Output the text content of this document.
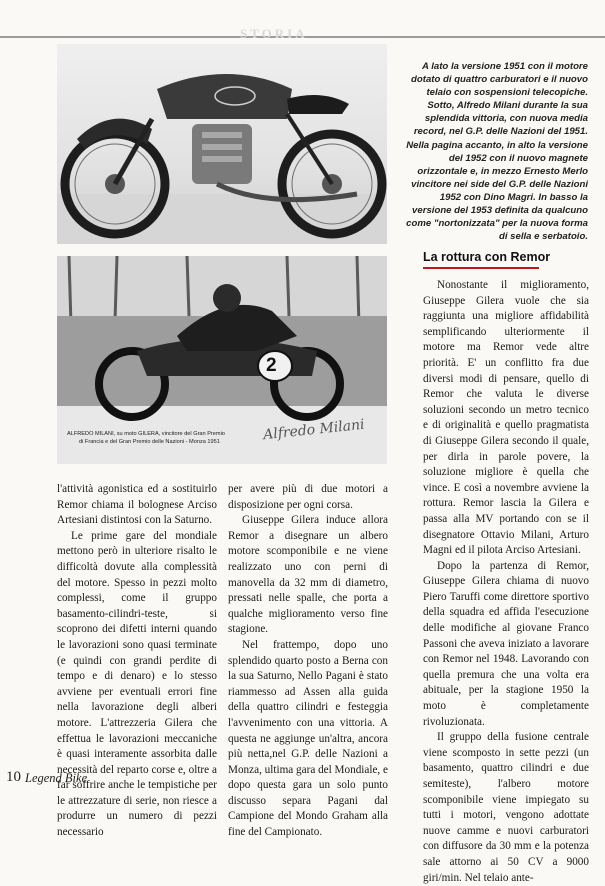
STORIA
2
ALFREDO MILANI, su moto GILERA, vincitore del Gran Premio
di Francia e del Gran Premio delle Nazioni - Monza 1951	Alfredo Milani
A lato la versione 1951 con il motore dotato di quattro carburatori e il nuovo telaio con sospensioni telecopiche. Sotto, Alfredo Milani durante la sua splendida vittoria, con nuova media record, nel G.P. delle Nazioni del 1951. Nella pagina accanto, in alto la versione del 1952 con il nuovo magnete orizzontale e, in mezzo Ernesto Merlo vincitore nei side del G.P. delle Nazioni 1952 con Dino Magri. In basso la versione del 1953 definita da qualcuno come "nortonizzata" per la nuova forma di sella e serbatoio.
La rottura con Remor

l'attività agonistica ed a sostituirlo Remor chiama il bolognese Arciso Artesiani distintosi con la Saturno.

Le prime gare del mondiale mettono però in ulteriore risalto le difficoltà dovute alla complessità del motore. Spesso in pezzi molto complessi, come il gruppo basamento-cilindri-teste, si scoprono dei difetti interni quando le lavorazioni sono quasi terminate (e quindi con grandi perdite di tempo e di denaro) e lo stesso avviene per eventuali errori fine nella lavorazione degli alberi motore. L'attrezzeria Gilera che effettua le lavorazioni meccaniche è quasi interamente assorbita dalle necessità del reparto corse e, oltre a far soffrire anche le tempistiche per le attrezzature di serie, non riesce a produrre un numero di pezzi necessario

per avere più di due motori a disposizione per ogni corsa.

Giuseppe Gilera induce allora Remor a disegnare un albero motore scomponibile e ne viene realizzato uno con perni di manovella da 32 mm di diametro, pressati nelle spalle, che porta a qualche miglioramento verso fine stagione.

Nel frattempo, dopo uno splendido quarto posto a Berna con la sua Saturno, Nello Pagani è stato riammesso ad Assen alla guida della quattro cilindri e festeggia l'avvenimento con una vittoria. A questa ne aggiunge un'altra, ancora più netta,nel G.P. delle Nazioni a Monza, ultima gara del Mondiale, e dopo questa gara un solo punto discusso separa Pagani dal Campione del Mondo Graham alla fine del Campionato.

Nonostante il miglioramento, Giuseppe Gilera vuole che sia raggiunta una migliore affidabilità semplificando ulteriormente il motore ma Remor vede altre priorità. E' un conflitto fra due diversi modi di pensare, quello di Remor che valuta le diverse soluzioni secondo un metro tecnico e di originalità e quello pragmatista di Giuseppe Gilera secondo il quale, per dirla in parole povere, la soluzione migliore è quella che vince. E così a novembre avviene la rottura. Remor lascia la Gilera e passa alla MV portando con se il disegnatore Ottavio Milani, Arturo Magni ed il pilota Arciso Artesiani.

Dopo la partenza di Remor, Giuseppe Gilera chiama di nuovo Piero Taruffi come direttore sportivo della squadra ed affida l'esecuzione delle modifiche al giovane Franco Passoni che aveva iniziato a lavorare con Remor nel 1948. Lavorando con quella premura che una volta era abituale, per la stagione 1950 la moto è completamente rivoluzionata.

Il gruppo della fusione centrale viene scomposto in sette pezzi (un basamento, quattro cilindri e due semiteste), l'albero motore scomponibile viene impiegato su tutti i motori, vengono adottate nuove camme e nuovi carburatori con diffusore da 30 mm e la potenza sale attorno ai 50 CV a 9000 giri/min. Nel telaio ante-

10 Legend Bike
